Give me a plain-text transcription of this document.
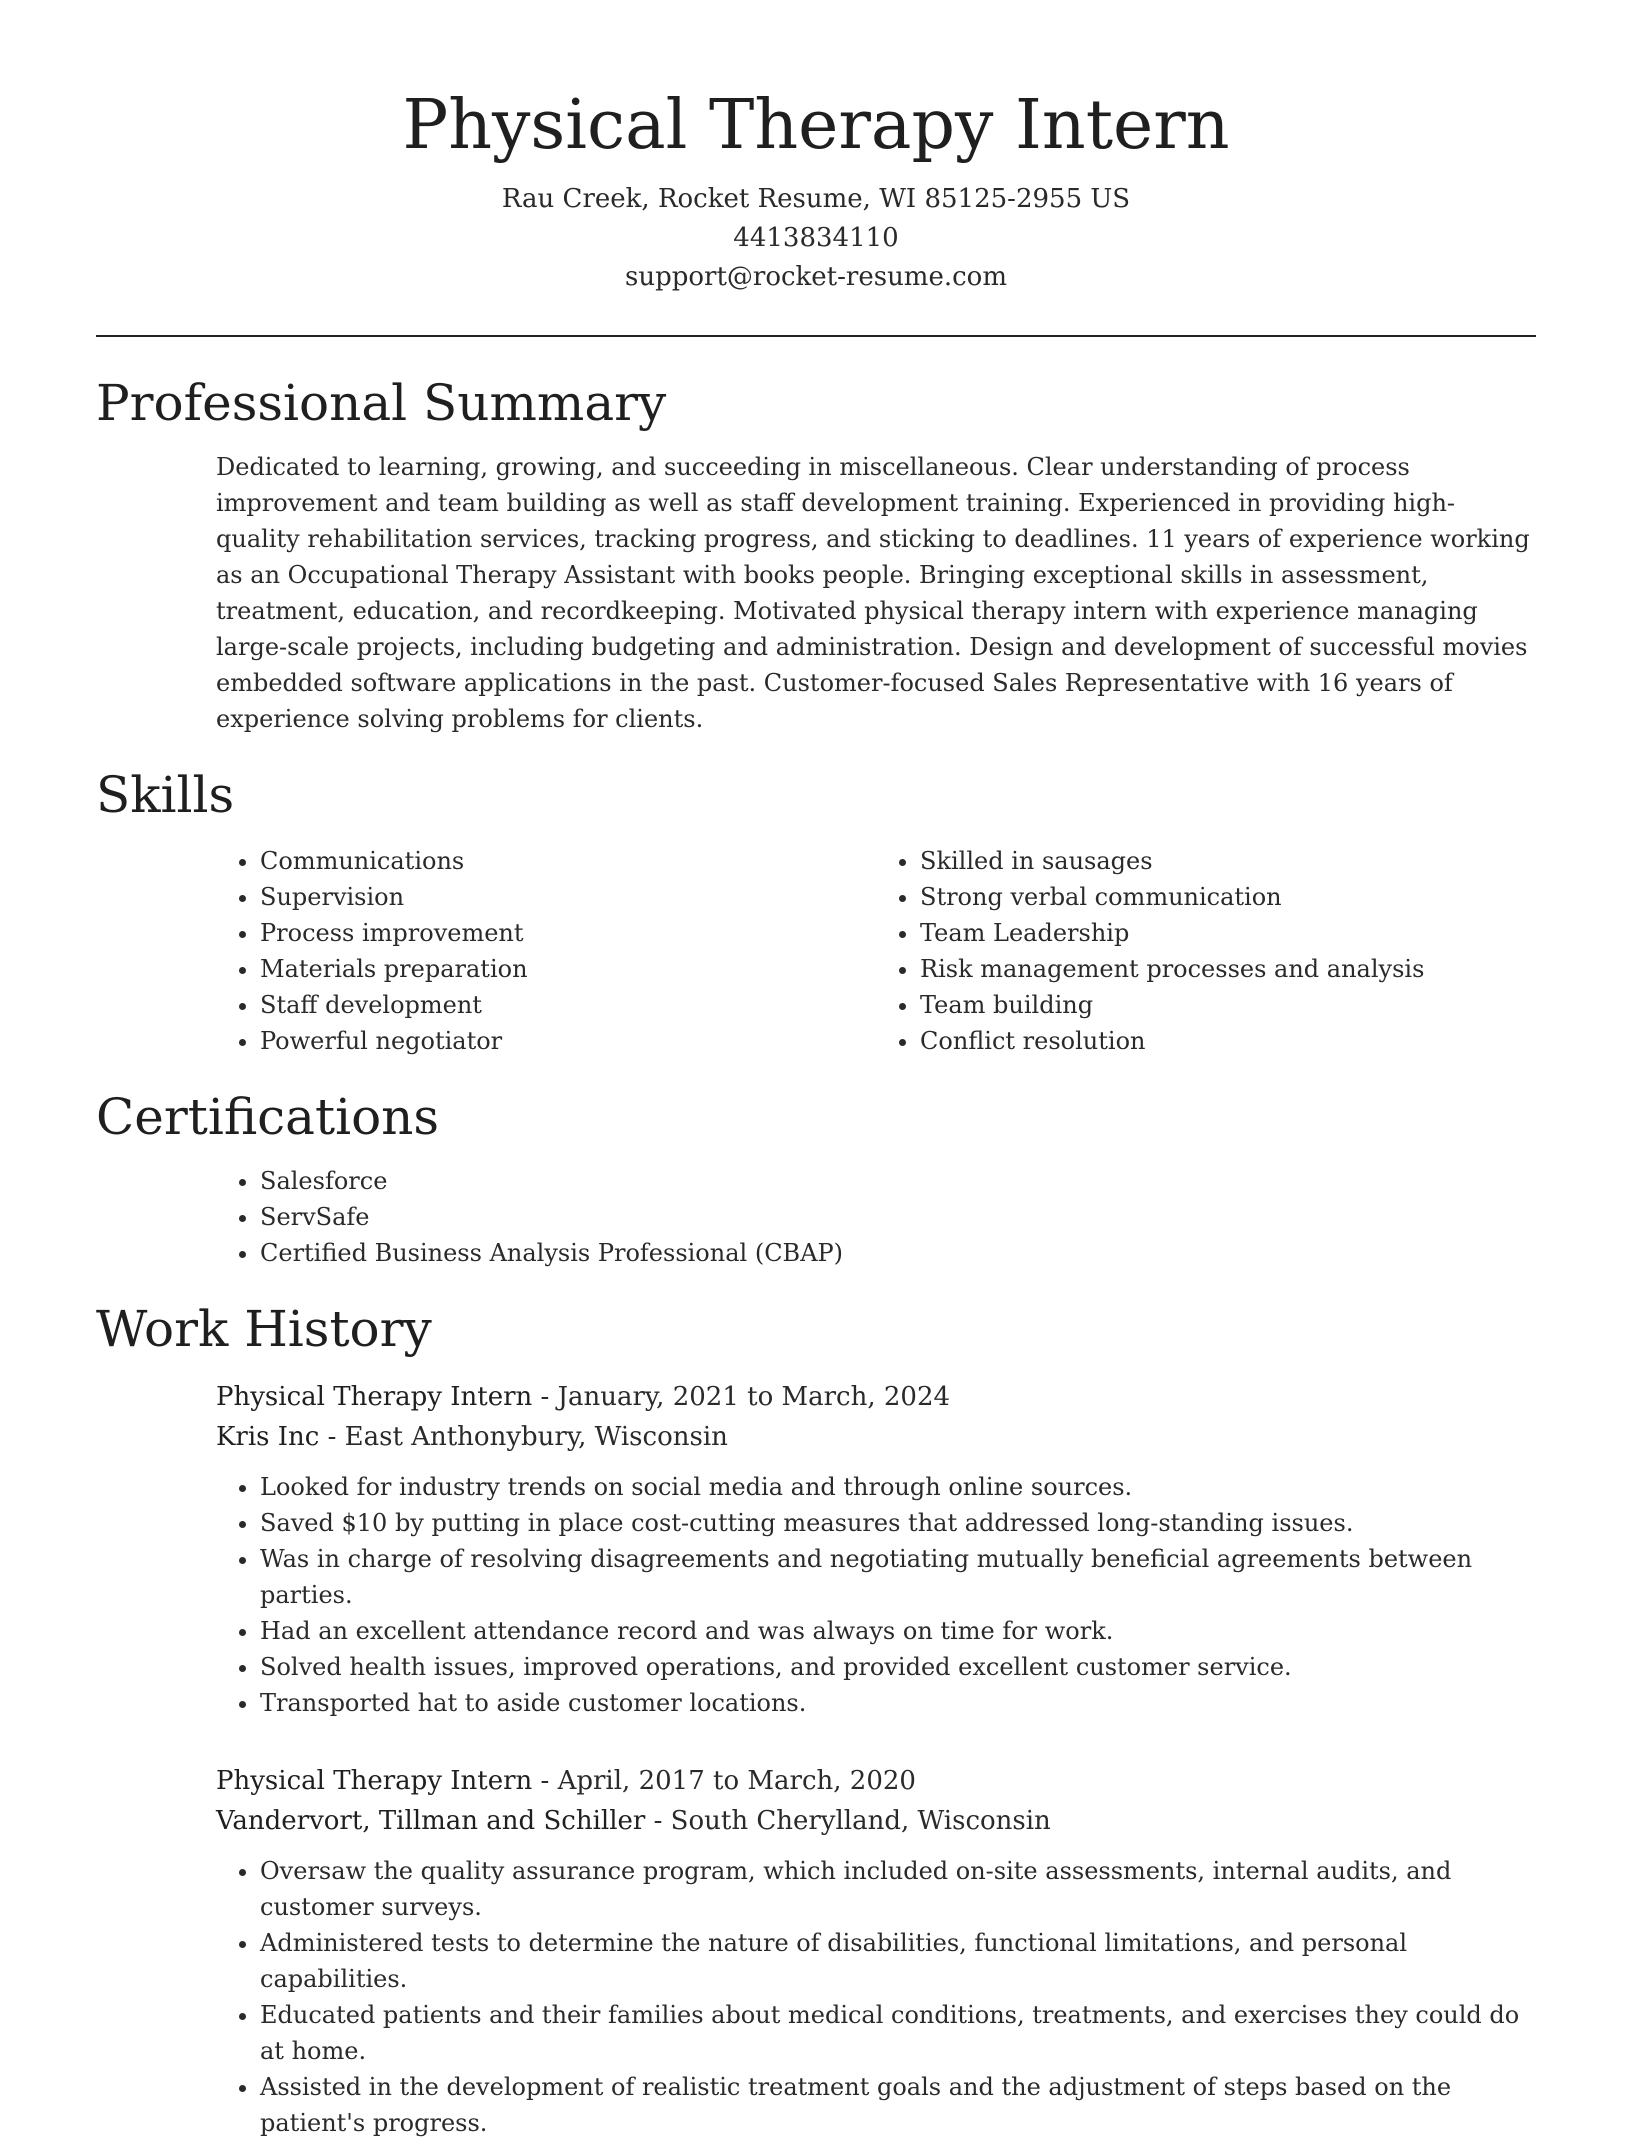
Physical Therapy Intern
Rau Creek, Rocket Resume, WI 85125-2955 US
4413834110
support@rocket-resume.com
Professional Summary

Dedicated to learning, growing, and succeeding in miscellaneous. Clear understanding of process improvement and team building as well as staff development training. Experienced in providing high-quality rehabilitation services, tracking progress, and sticking to deadlines. 11 years of experience working as an Occupational Therapy Assistant with books people. Bringing exceptional skills in assessment, treatment, education, and recordkeeping. Motivated physical therapy intern with experience managing large-scale projects, including budgeting and administration. Design and development of successful movies embedded software applications in the past. Customer-focused Sales Representative with 16 years of experience solving problems for clients.

Skills
• Communications
• Supervision
• Process improvement
• Materials preparation
• Staff development
• Powerful negotiator
• Skilled in sausages
• Strong verbal communication
• Team Leadership
• Risk management processes and analysis
• Team building
• Conflict resolution
Certifications
• Salesforce
• ServSafe
• Certified Business Analysis Professional (CBAP)
Work History
Physical Therapy Intern - January, 2021 to March, 2024
Kris Inc - East Anthonybury, Wisconsin
• Looked for industry trends on social media and through online sources.
• Saved $10 by putting in place cost-cutting measures that addressed long-standing issues.
• Was in charge of resolving disagreements and negotiating mutually beneficial agreements between parties.
• Had an excellent attendance record and was always on time for work.
• Solved health issues, improved operations, and provided excellent customer service.
• Transported hat to aside customer locations.
Physical Therapy Intern - April, 2017 to March, 2020
Vandervort, Tillman and Schiller - South Cherylland, Wisconsin
• Oversaw the quality assurance program, which included on-site assessments, internal audits, and customer surveys.
• Administered tests to determine the nature of disabilities, functional limitations, and personal capabilities.
• Educated patients and their families about medical conditions, treatments, and exercises they could do at home.
• Assisted in the development of realistic treatment goals and the adjustment of steps based on the patient's progress.
